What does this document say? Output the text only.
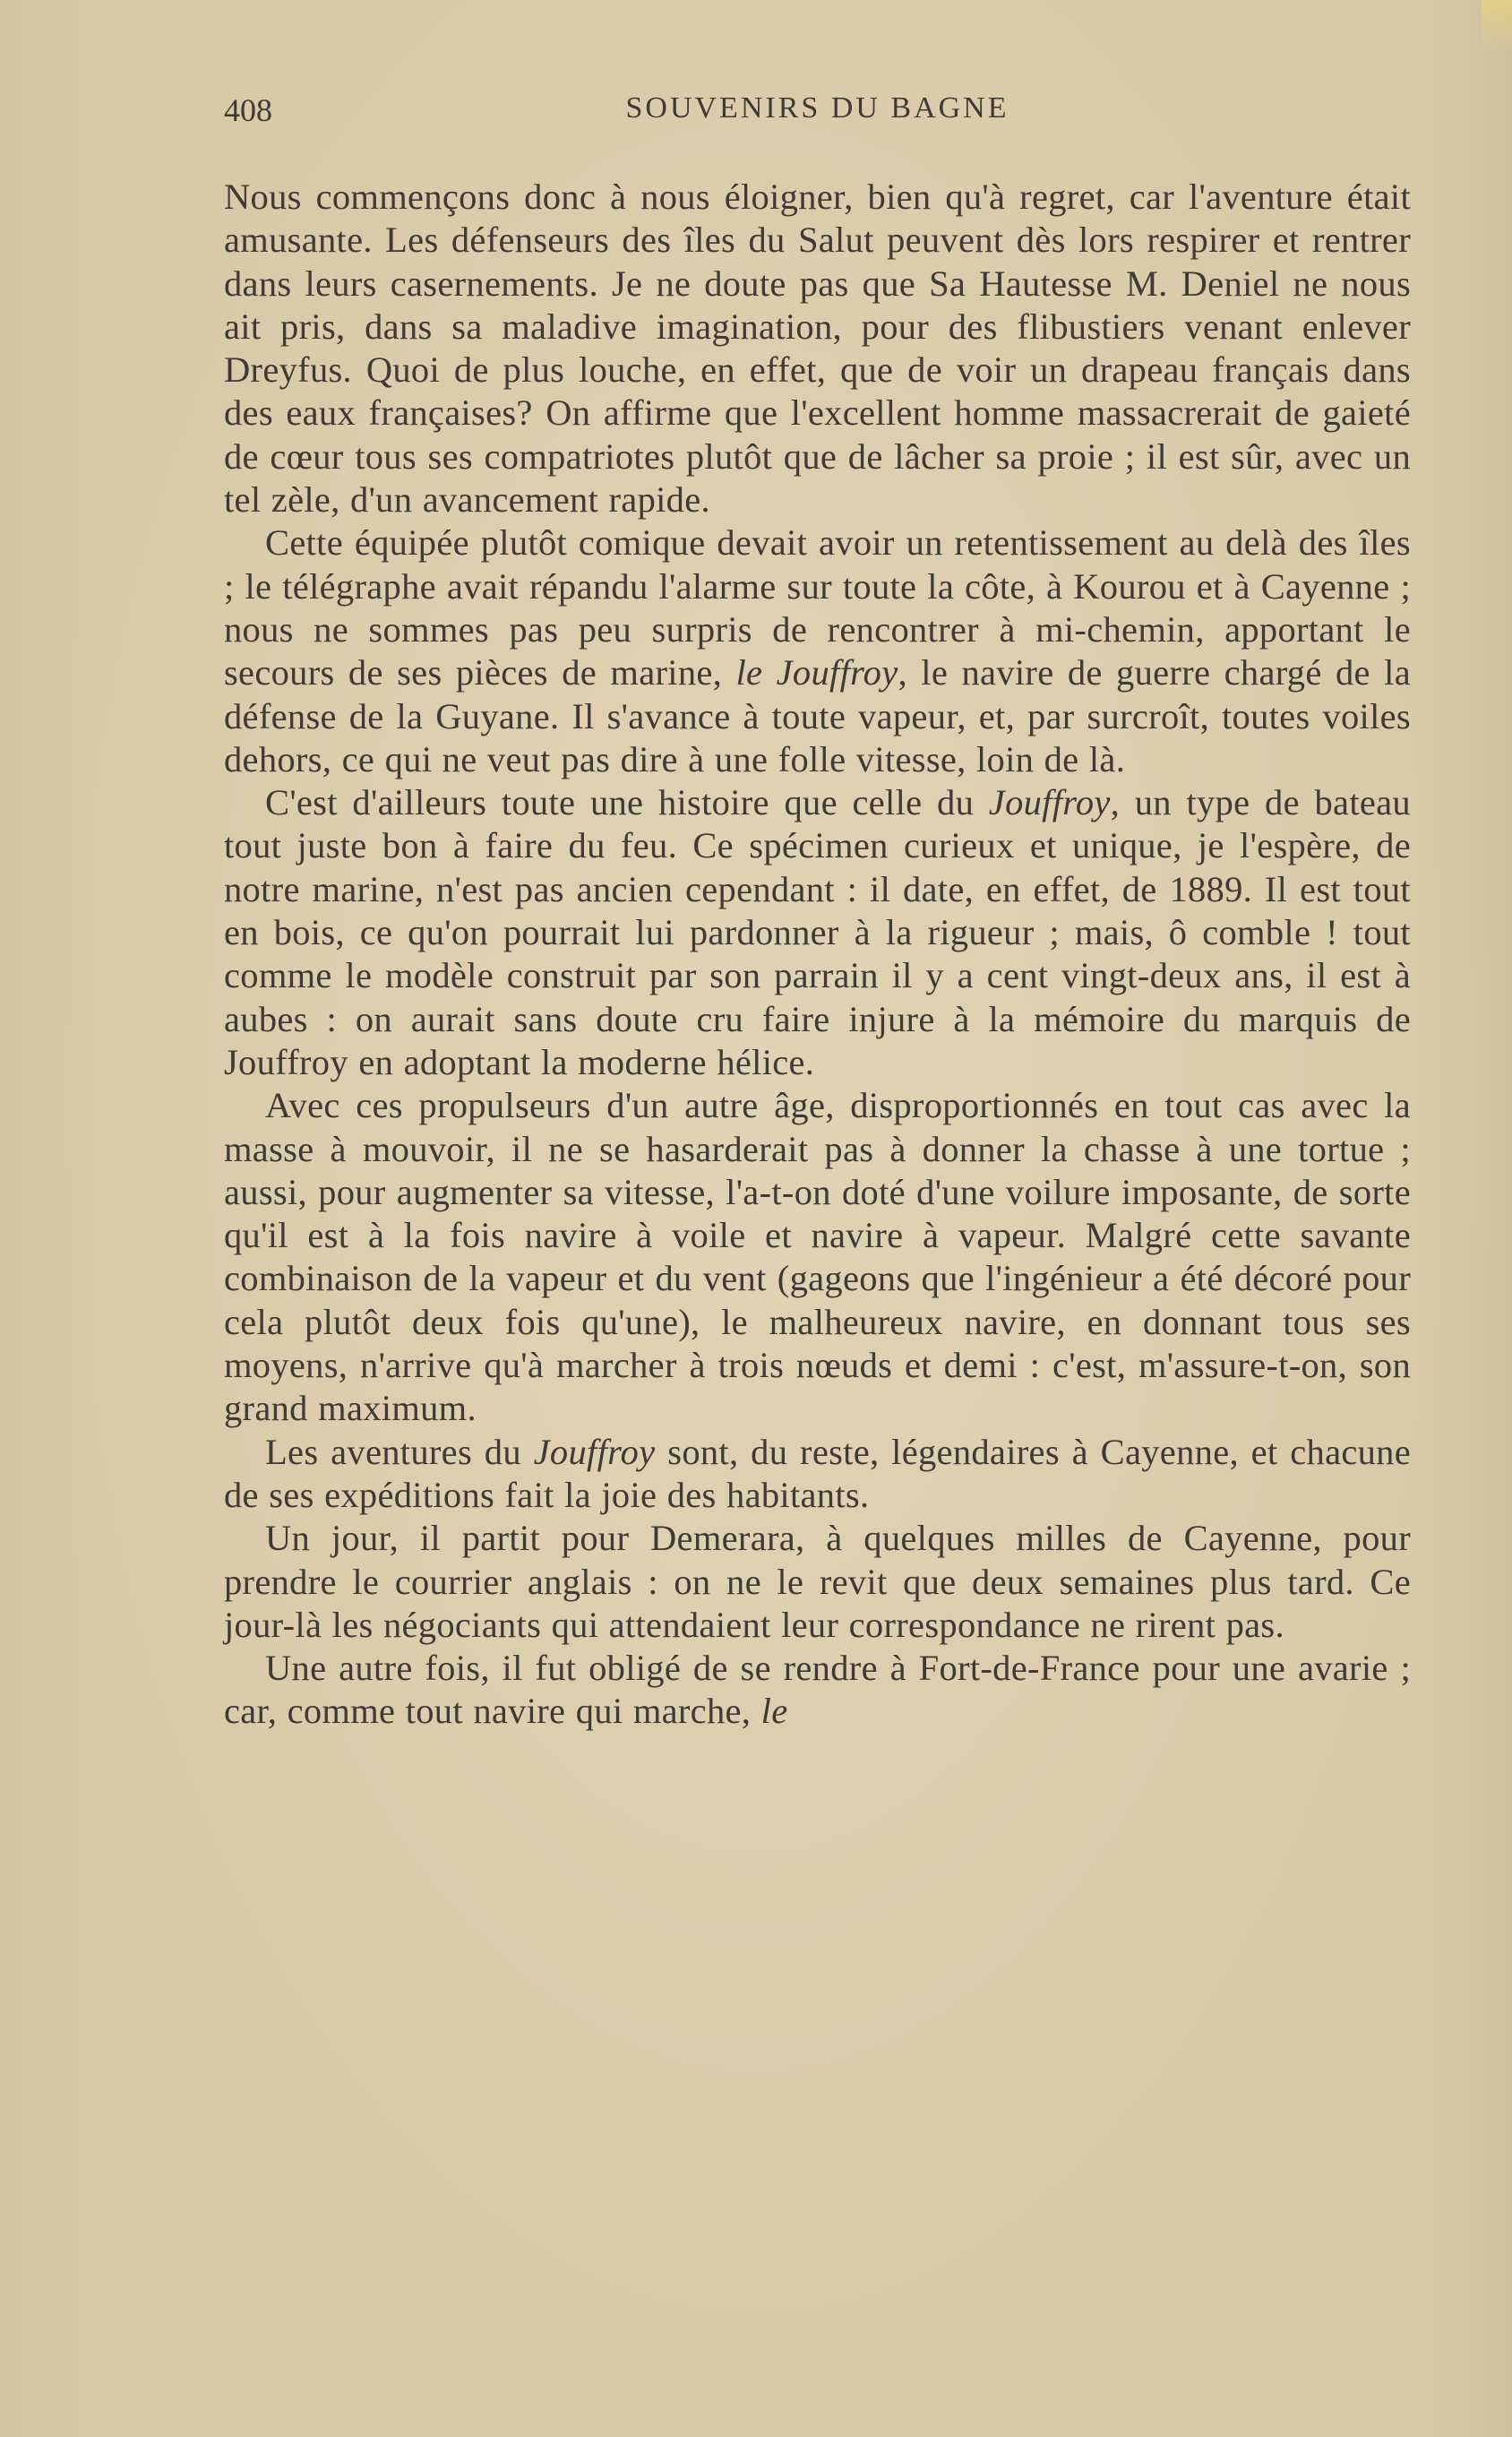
408	SOUVENIRS DU BAGNE

Nous commençons donc à nous éloigner, bien qu'à regret, car l'aventure était amusante. Les défenseurs des îles du Salut peuvent dès lors respirer et rentrer dans leurs casernements. Je ne doute pas que Sa Hautesse M. Deniel ne nous ait pris, dans sa maladive imagination, pour des flibustiers venant enlever Dreyfus. Quoi de plus louche, en effet, que de voir un drapeau français dans des eaux françaises? On affirme que l'excellent homme massacrerait de gaieté de cœur tous ses compatriotes plutôt que de lâcher sa proie ; il est sûr, avec un tel zèle, d'un avancement rapide.

Cette équipée plutôt comique devait avoir un retentissement au delà des îles ; le télégraphe avait répandu l'alarme sur toute la côte, à Kourou et à Cayenne ; nous ne sommes pas peu surpris de rencontrer à mi-chemin, apportant le secours de ses pièces de marine, le Jouffroy, le navire de guerre chargé de la défense de la Guyane. Il s'avance à toute vapeur, et, par surcroît, toutes voiles dehors, ce qui ne veut pas dire à une folle vitesse, loin de là.

C'est d'ailleurs toute une histoire que celle du Jouffroy, un type de bateau tout juste bon à faire du feu. Ce spécimen curieux et unique, je l'espère, de notre marine, n'est pas ancien cependant : il date, en effet, de 1889. Il est tout en bois, ce qu'on pourrait lui pardonner à la rigueur ; mais, ô comble ! tout comme le modèle construit par son parrain il y a cent vingt-deux ans, il est à aubes : on aurait sans doute cru faire injure à la mémoire du marquis de Jouffroy en adoptant la moderne hélice.

Avec ces propulseurs d'un autre âge, disproportionnés en tout cas avec la masse à mouvoir, il ne se hasarderait pas à donner la chasse à une tortue ; aussi, pour augmenter sa vitesse, l'a-t-on doté d'une voilure imposante, de sorte qu'il est à la fois navire à voile et navire à vapeur. Malgré cette savante combinaison de la vapeur et du vent (gageons que l'ingénieur a été décoré pour cela plutôt deux fois qu'une), le malheureux navire, en donnant tous ses moyens, n'arrive qu'à marcher à trois nœuds et demi : c'est, m'assure-t-on, son grand maximum.

Les aventures du Jouffroy sont, du reste, légendaires à Cayenne, et chacune de ses expéditions fait la joie des habitants.

Un jour, il partit pour Demerara, à quelques milles de Cayenne, pour prendre le courrier anglais : on ne le revit que deux semaines plus tard. Ce jour-là les négociants qui attendaient leur correspondance ne rirent pas.

Une autre fois, il fut obligé de se rendre à Fort-de-France pour une avarie ; car, comme tout navire qui marche, le
